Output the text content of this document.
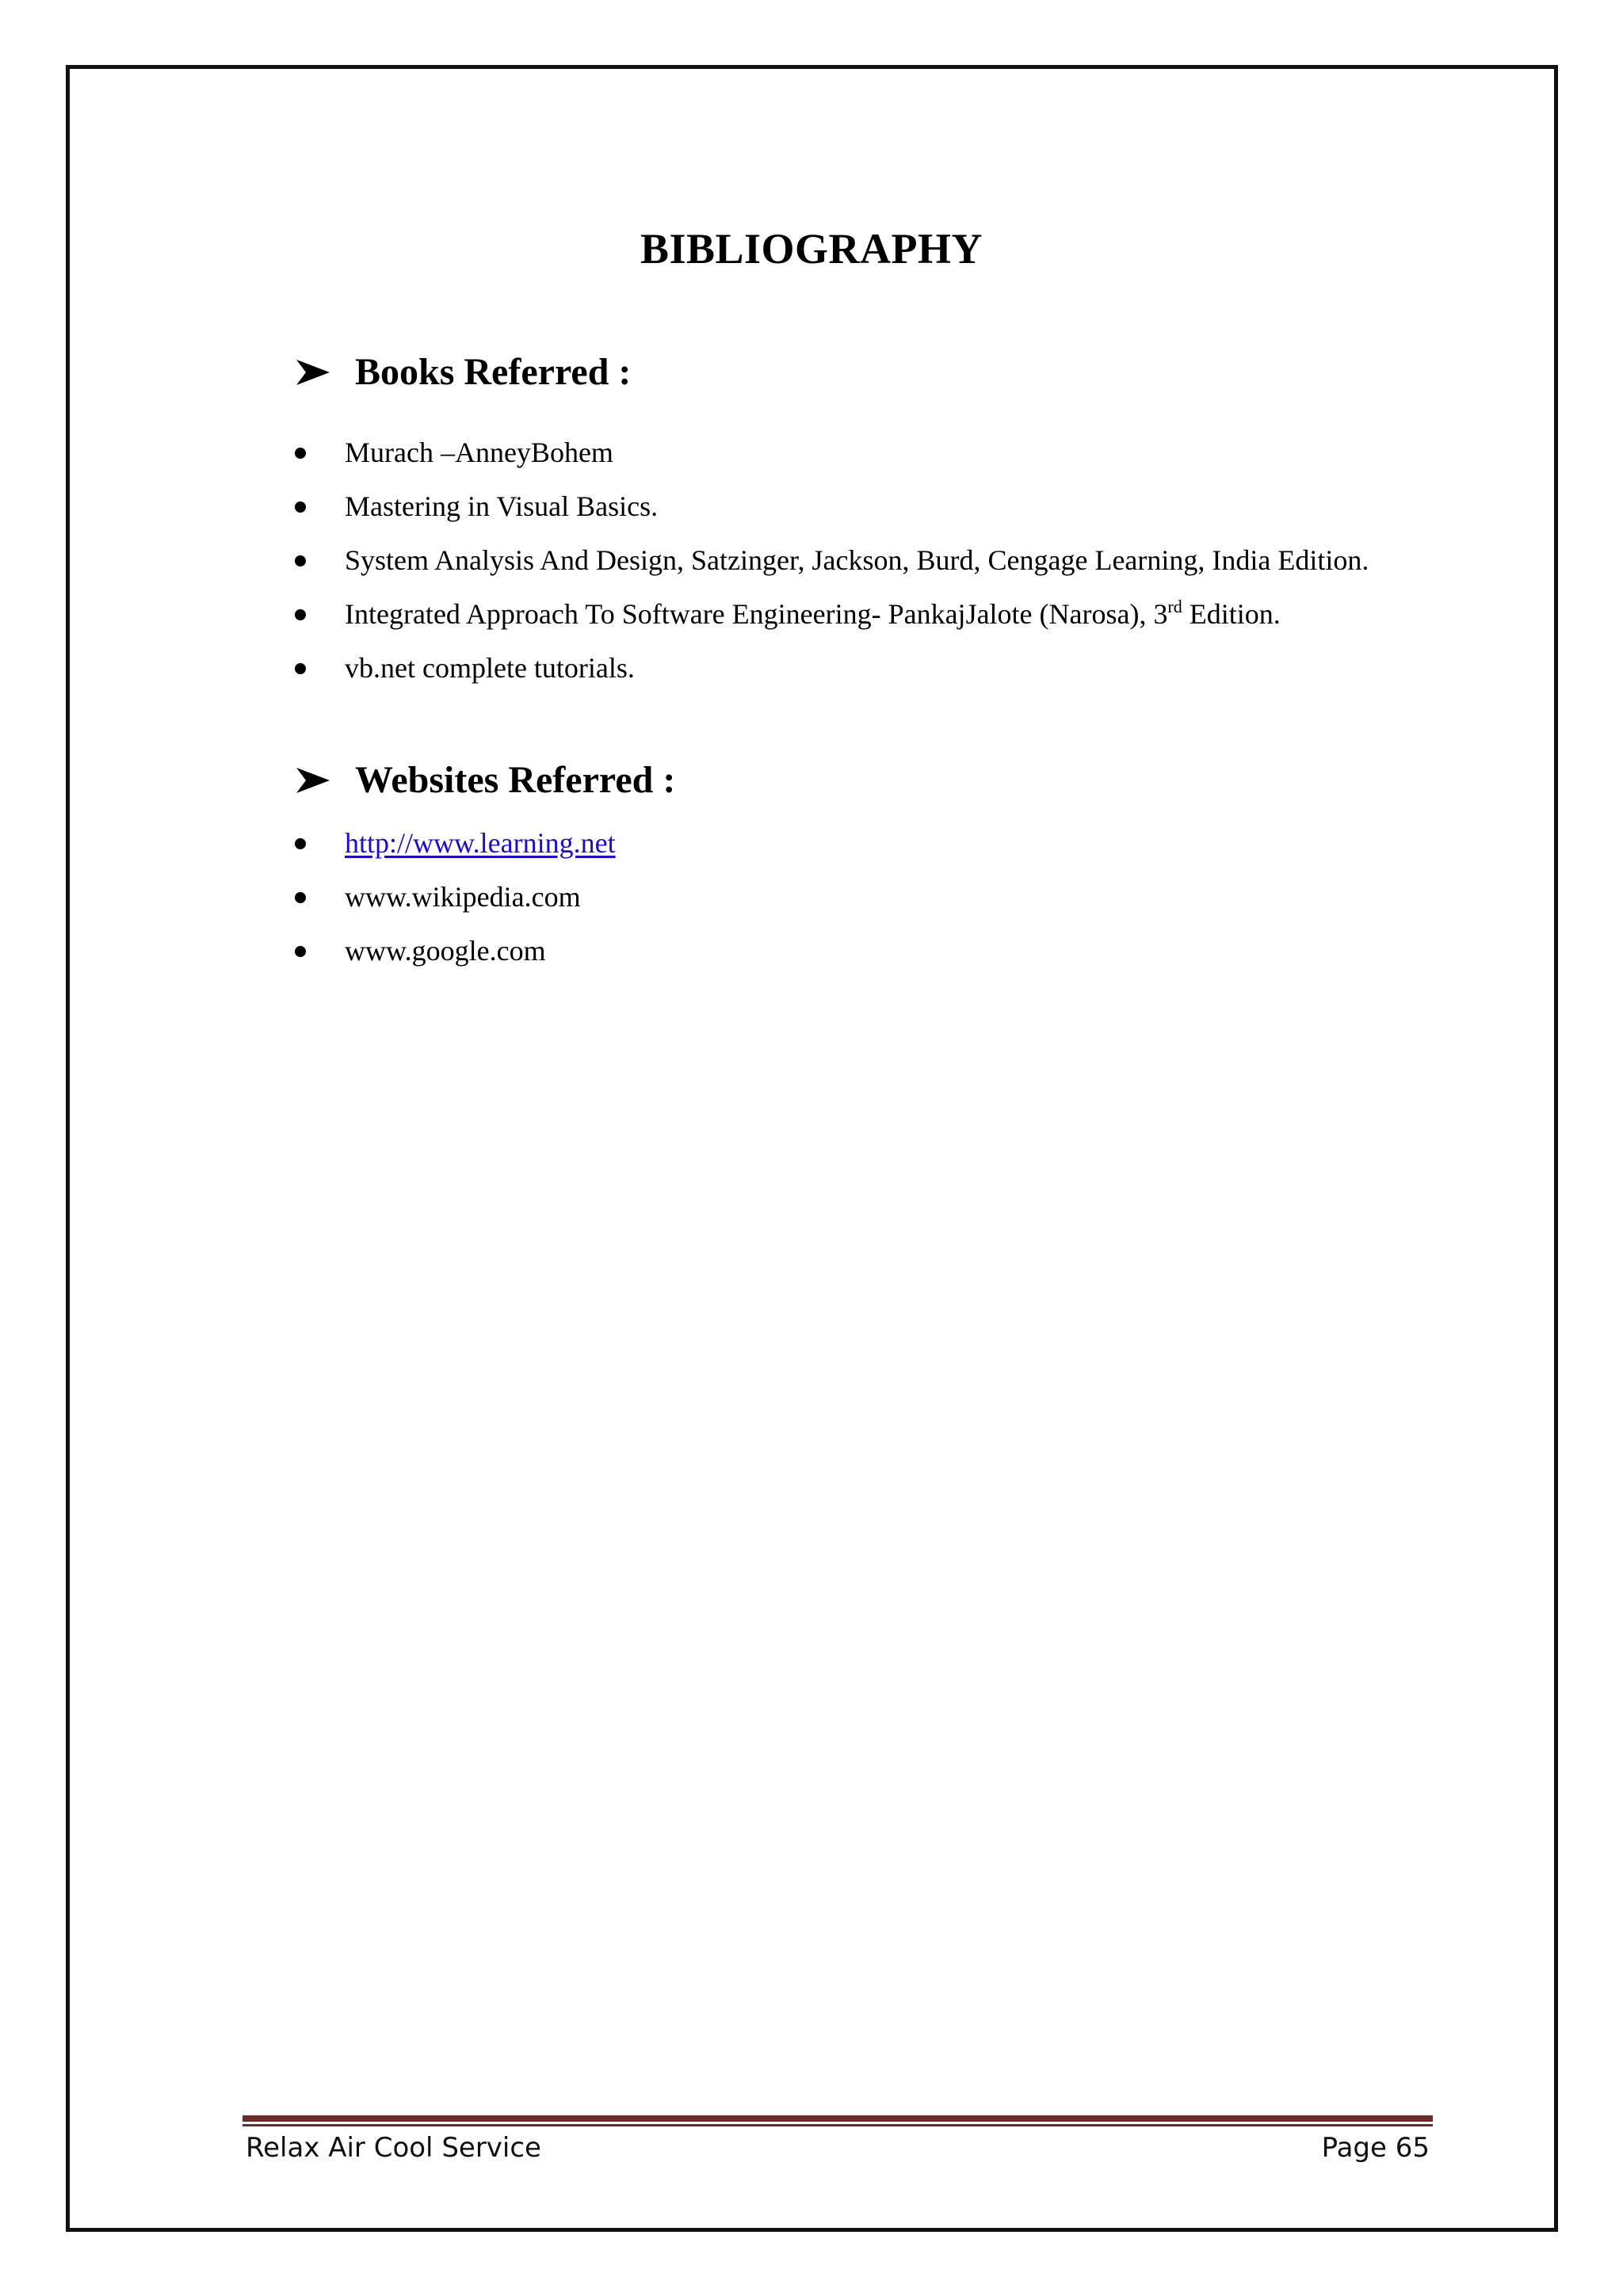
BIBLIOGRAPHY
Books Referred :
Murach –AnneyBohem
Mastering in Visual Basics.
System Analysis And Design, Satzinger, Jackson, Burd, Cengage Learning, India Edition.
Integrated Approach To Software Engineering- PankajJalote (Narosa), 3rd Edition.
vb.net complete tutorials.
Websites Referred :
http://www.learning.net
www.wikipedia.com
www.google.com
Relax Air Cool Service	Page 65
